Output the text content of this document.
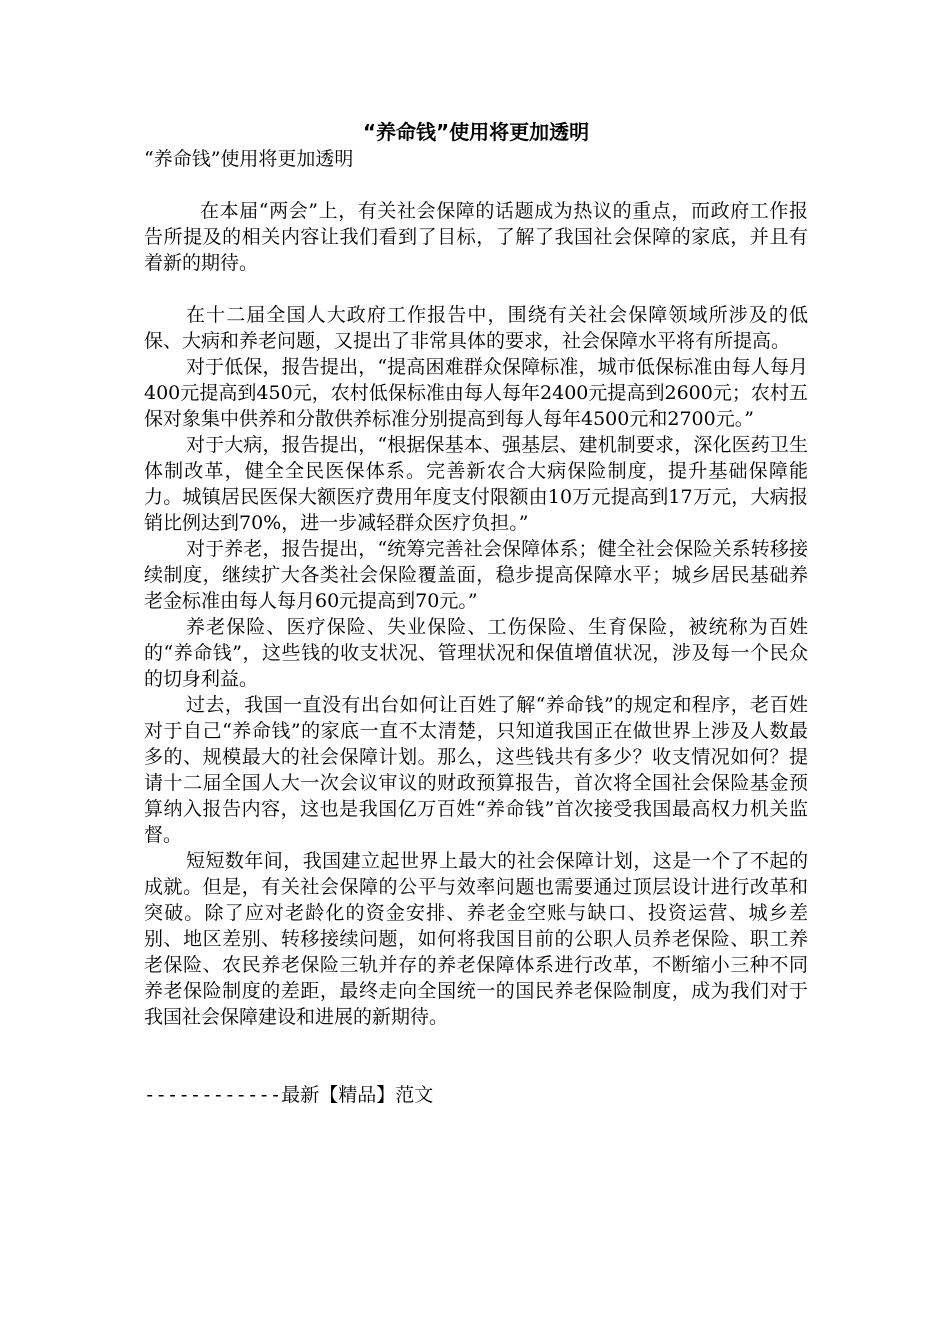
“养命钱”使用将更加透明

“养命钱”使用将更加透明

在本届“两会”上，有关社会保障的话题成为热议的重点，而政府工作报告所提及的相关内容让我们看到了目标，了解了我国社会保障的家底，并且有着新的期待。

在十二届全国人大政府工作报告中，围绕有关社会保障领域所涉及的低保、大病和养老问题，又提出了非常具体的要求，社会保障水平将有所提高。

对于低保，报告提出，“提高困难群众保障标准，城市低保标准由每人每月400元提高到450元，农村低保标准由每人每年2400元提高到2600元；农村五保对象集中供养和分散供养标准分别提高到每人每年4500元和2700元。”

对于大病，报告提出，“根据保基本、强基层、建机制要求，深化医药卫生体制改革，健全全民医保体系。完善新农合大病保险制度，提升基础保障能力。城镇居民医保大额医疗费用年度支付限额由10万元提高到17万元，大病报销比例达到70%，进一步减轻群众医疗负担。”

对于养老，报告提出，“统筹完善社会保障体系；健全社会保险关系转移接续制度，继续扩大各类社会保险覆盖面，稳步提高保障水平；城乡居民基础养老金标准由每人每月60元提高到70元。”

养老保险、医疗保险、失业保险、工伤保险、生育保险，被统称为百姓的“养命钱”，这些钱的收支状况、管理状况和保值增值状况，涉及每一个民众的切身利益。

过去，我国一直没有出台如何让百姓了解“养命钱”的规定和程序，老百姓对于自己“养命钱”的家底一直不太清楚，只知道我国正在做世界上涉及人数最多的、规模最大的社会保障计划。那么，这些钱共有多少？收支情况如何？提请十二届全国人大一次会议审议的财政预算报告，首次将全国社会保险基金预算纳入报告内容，这也是我国亿万百姓“养命钱”首次接受我国最高权力机关监督。

短短数年间，我国建立起世界上最大的社会保障计划，这是一个了不起的成就。但是，有关社会保障的公平与效率问题也需要通过顶层设计进行改革和突破。除了应对老龄化的资金安排、养老金空账与缺口、投资运营、城乡差别、地区差别、转移接续问题，如何将我国目前的公职人员养老保险、职工养老保险、农民养老保险三轨并存的养老保障体系进行改革，不断缩小三种不同养老保险制度的差距，最终走向全国统一的国民养老保险制度，成为我们对于我国社会保障建设和进展的新期待。

------------最新【精品】范文
